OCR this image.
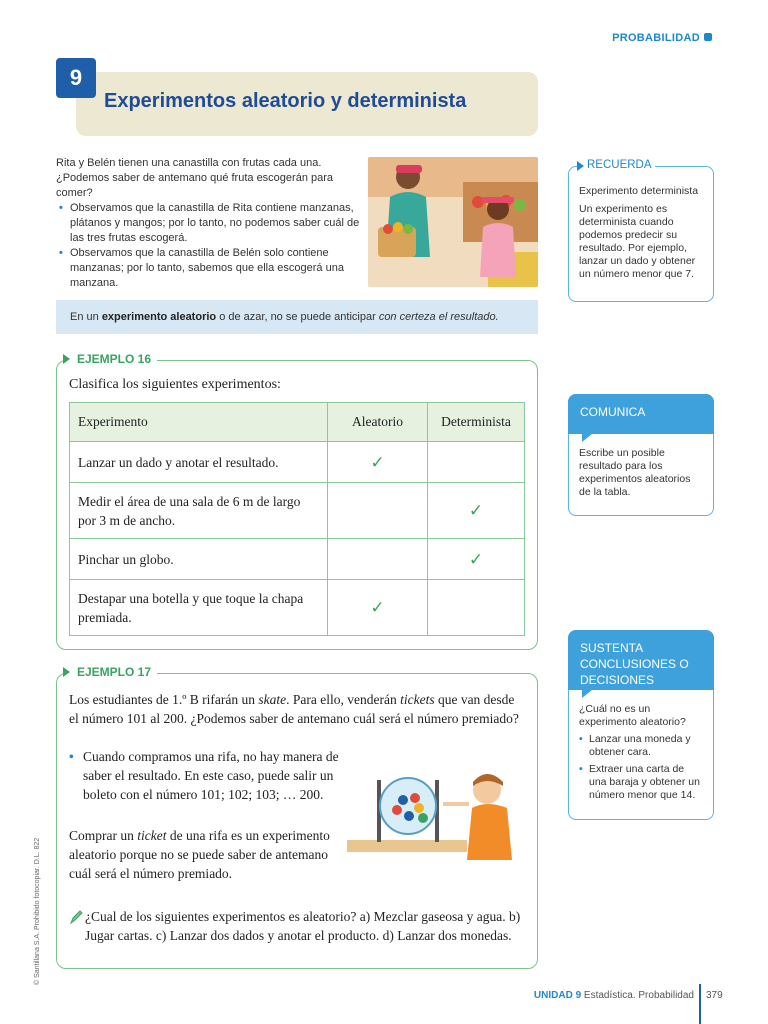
PROBABILIDAD
9
Experimentos aleatorio y determinista

Rita y Belén tienen una canastilla con frutas cada una. ¿Podemos saber de antemano qué fruta escogerán para comer?

• Observamos que la canastilla de Rita contiene manzanas, plátanos y mangos; por lo tanto, no podemos saber cuál de las tres frutas escogerá.
• Observamos que la canastilla de Belén solo contiene manzanas; por lo tanto, sabemos que ella escogerá una manzana.
En un experimento aleatorio o de azar, no se puede anticipar con certeza el resultado.
RECUERDA
Experimento determinista
Un experimento es determinista cuando podemos predecir su resultado. Por ejemplo, lanzar un dado y obtener un número menor que 7.
Escribe un posible resultado para los experimentos aleatorios de la tabla.
COMUNICA
¿Cuál no es un experimento aleatorio?
• Lanzar una moneda y obtener cara.
• Extraer una carta de una baraja y obtener un número menor que 14.
SUSTENTA CONCLUSIONES O DECISIONES
EJEMPLO 16
Clasifica los siguientes experimentos:
Experimento	Aleatorio	Determinista
Lanzar un dado y anotar el resultado.	✓	
Medir el área de una sala de 6 m de largo por 3 m de ancho.		✓
Pinchar un globo.		✓
Destapar una botella y que toque la chapa premiada.	✓	
EJEMPLO 17
Los estudiantes de 1.º B rifarán un skate. Para ello, venderán tickets que van desde el número 101 al 200. ¿Podemos saber de antemano cuál será el número premiado?
• Cuando compramos una rifa, no hay manera de saber el resultado. En este caso, puede salir un boleto con el número 101; 102; 103; … 200.
Comprar un ticket de una rifa es un experimento aleatorio porque no se puede saber de antemano cuál será el número premiado.
¿Cual de los siguientes experimentos es aleatorio? a) Mezclar gaseosa y agua. b) Jugar cartas. c) Lanzar dos dados y anotar el producto. d) Lanzar dos monedas.
© Santillana S.A. Prohibido fotocopiar. D.L. 822
UNIDAD 9 Estadística. Probabilidad 379
